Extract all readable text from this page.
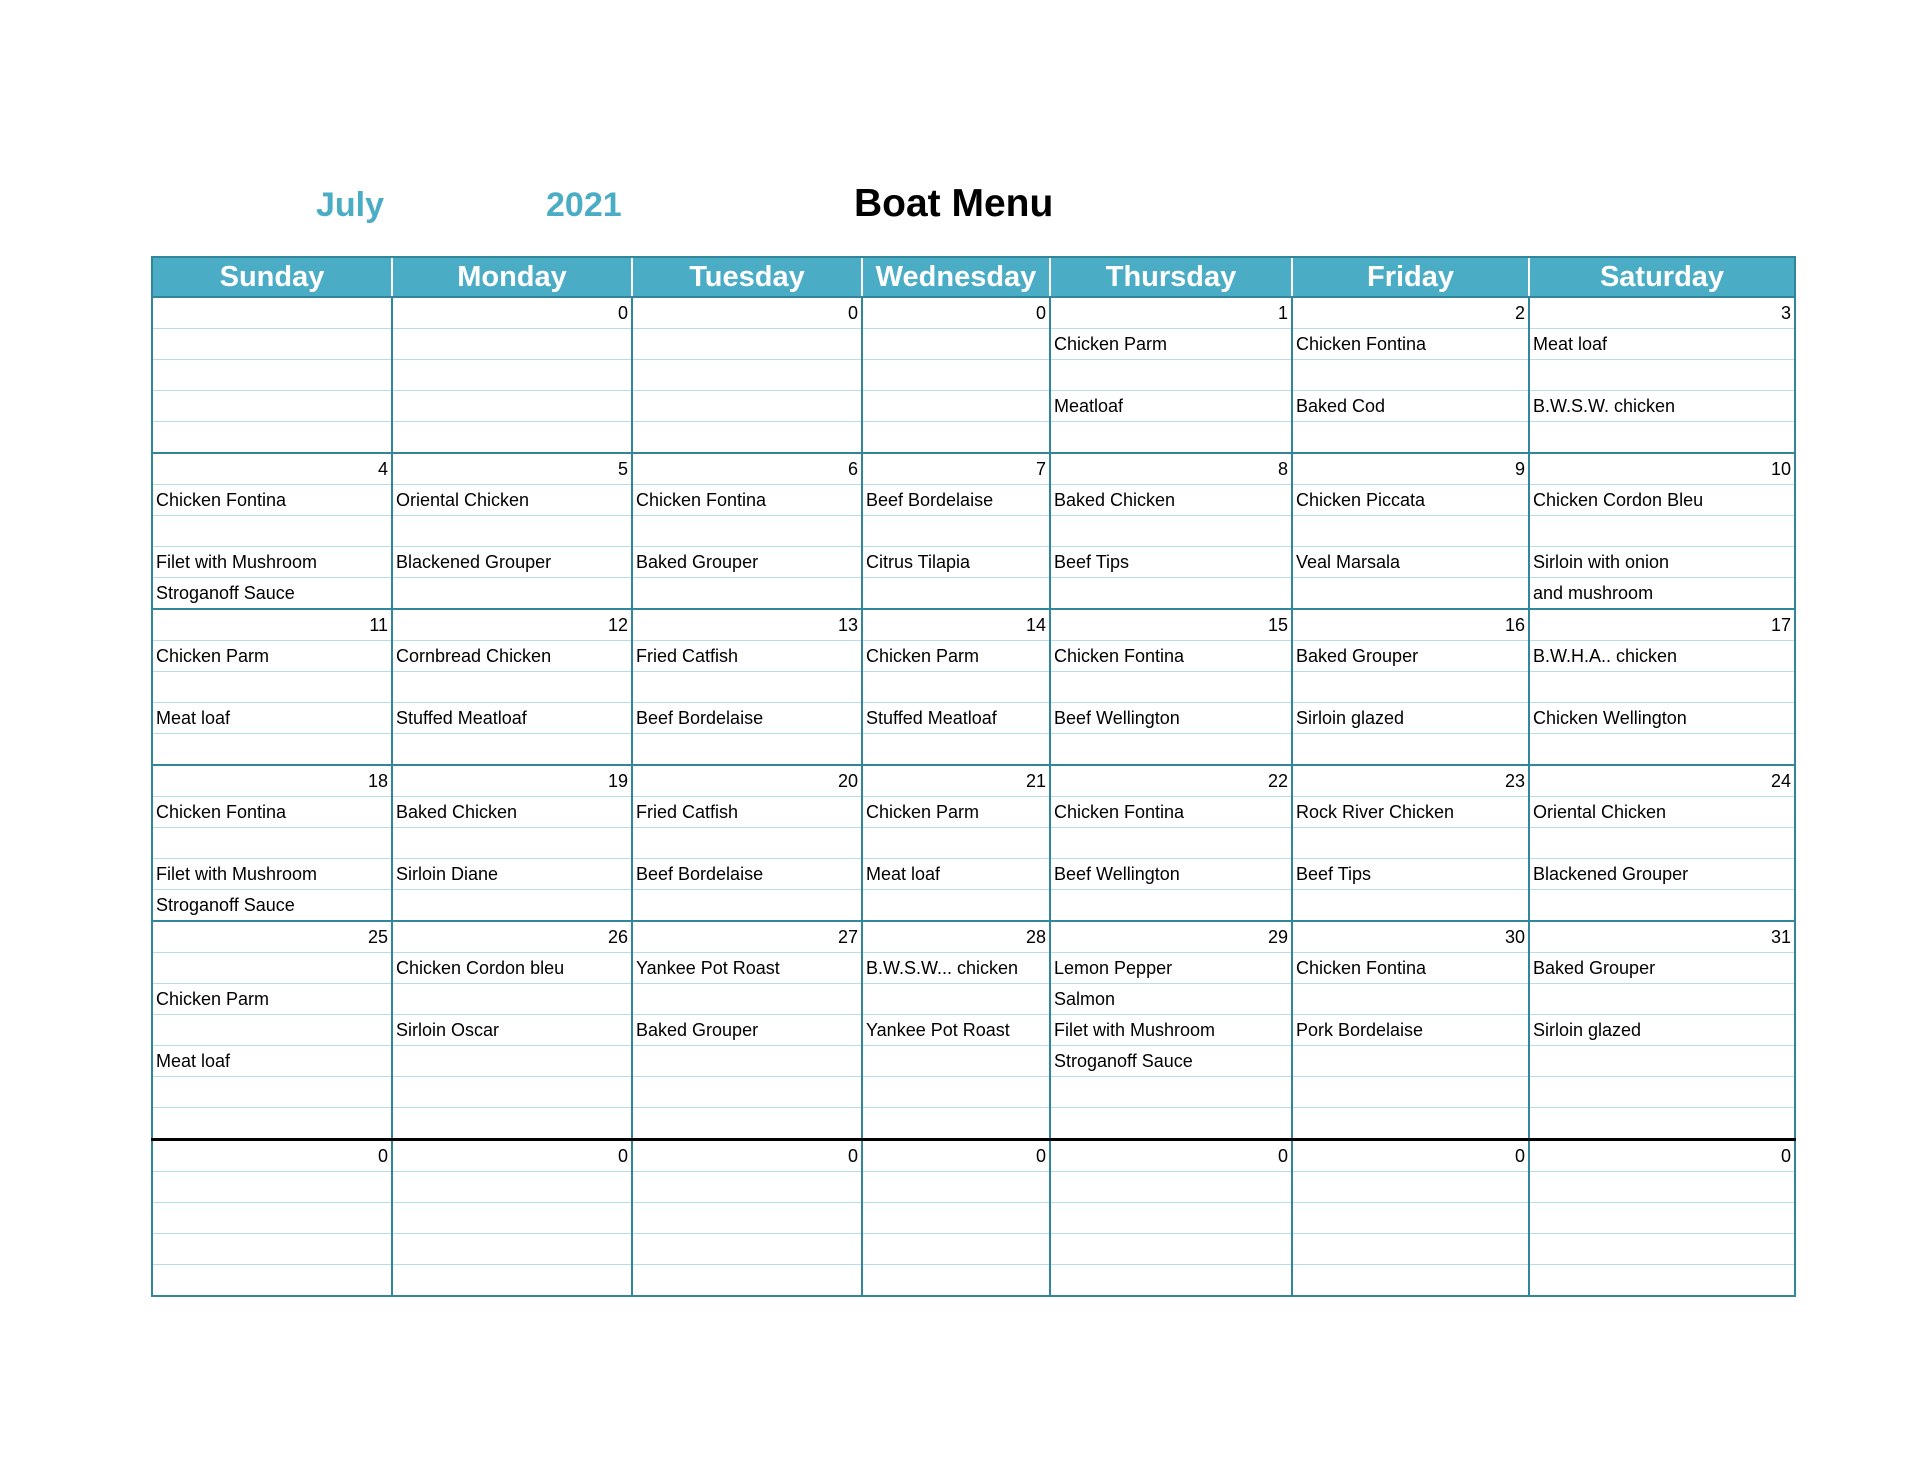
July	2021	Boat Menu
Sunday	Monday	Tuesday	Wednesday	Thursday	Friday	Saturday
	0	0	0	1	2	3
				Chicken Parm	Chicken Fontina	Meat loaf

				Meatloaf	Baked Cod	B.W.S.W. chicken

4	5	6	7	8	9	10
Chicken Fontina	Oriental Chicken	Chicken Fontina	Beef Bordelaise	Baked Chicken	Chicken Piccata	Chicken Cordon Bleu

Filet with Mushroom	Blackened Grouper	Baked Grouper	Citrus Tilapia	Beef Tips	Veal Marsala	Sirloin with onion
Stroganoff Sauce						and mushroom
11	12	13	14	15	16	17
Chicken Parm	Cornbread Chicken	Fried Catfish	Chicken Parm	Chicken Fontina	Baked Grouper	B.W.H.A.. chicken

Meat loaf	Stuffed Meatloaf	Beef Bordelaise	Stuffed Meatloaf	Beef Wellington	Sirloin glazed	Chicken Wellington

18	19	20	21	22	23	24
Chicken Fontina	Baked Chicken	Fried Catfish	Chicken Parm	Chicken Fontina	Rock River Chicken	Oriental Chicken

Filet with Mushroom	Sirloin Diane	Beef Bordelaise	Meat loaf	Beef Wellington	Beef Tips	Blackened Grouper
Stroganoff Sauce						
25	26	27	28	29	30	31
	Chicken Cordon bleu	Yankee Pot Roast	B.W.S.W... chicken	Lemon Pepper	Chicken Fontina	Baked Grouper
Chicken Parm				Salmon		
	Sirloin Oscar	Baked Grouper	Yankee Pot Roast	Filet with Mushroom	Pork Bordelaise	Sirloin glazed
Meat loaf				Stroganoff Sauce		

0	0	0	0	0	0	0
